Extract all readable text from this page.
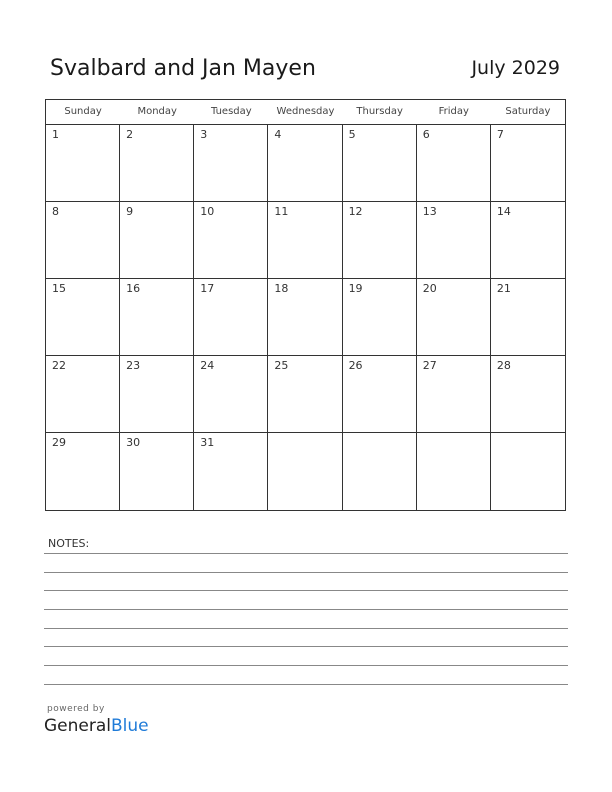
Svalbard and Jan Mayen	July 2029
Sunday	Monday	Tuesday	Wednesday	Thursday	Friday	Saturday
1	2	3	4	5	6	7
8	9	10	11	12	13	14
15	16	17	18	19	20	21
22	23	24	25	26	27	28
29	30	31
NOTES:
powered by
GeneralBlue
